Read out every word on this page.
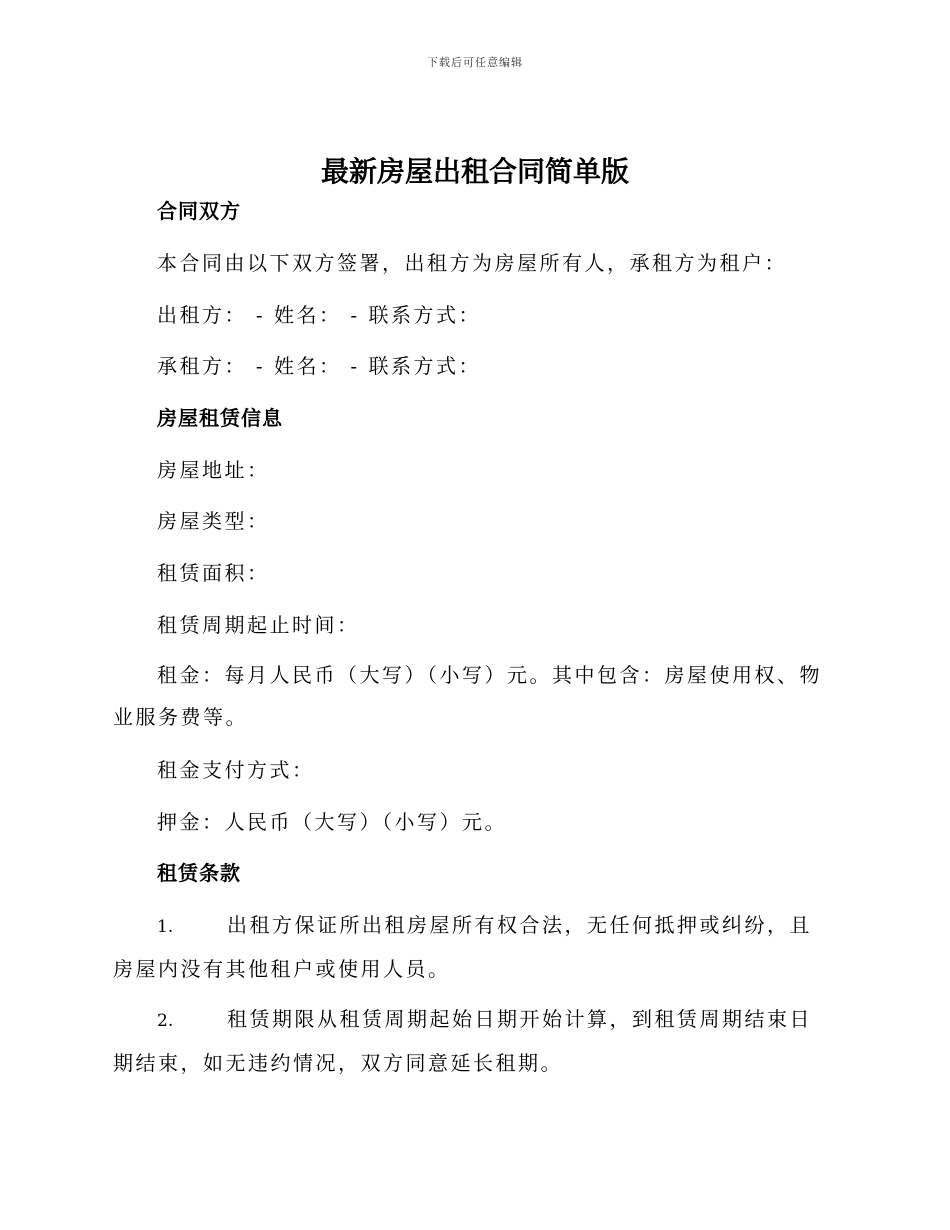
下载后可任意编辑
最新房屋出租合同简单版
合同双方
本合同由以下双方签署，出租方为房屋所有人，承租方为租户：
出租方： - 姓名： - 联系方式：
承租方： - 姓名： - 联系方式：
房屋租赁信息
房屋地址：
房屋类型：
租赁面积：
租赁周期起止时间：
租金：每月人民币（大写）（小写）元。其中包含：房屋使用权、物业服务费等。
租金支付方式：
押金：人民币（大写）（小写）元。
租赁条款
1.	出租方保证所出租房屋所有权合法，无任何抵押或纠纷，且房屋内没有其他租户或使用人员。
2.	租赁期限从租赁周期起始日期开始计算，到租赁周期结束日期结束，如无违约情况，双方同意延长租期。
